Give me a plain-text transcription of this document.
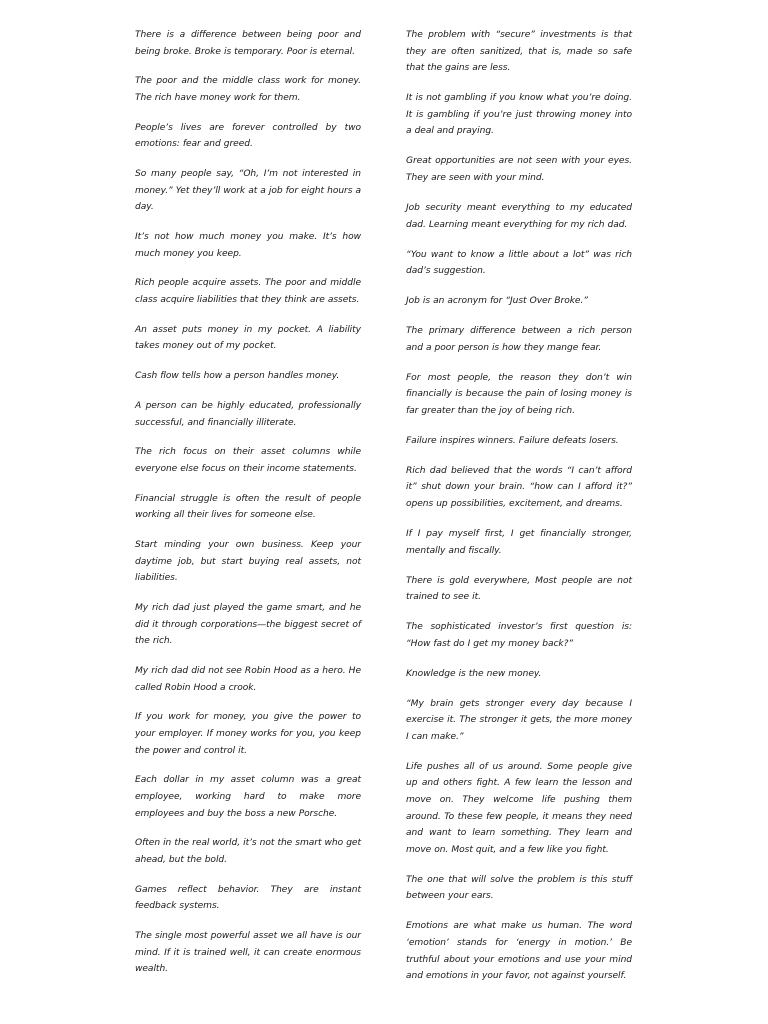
There is a difference between being poor and being broke. Broke is temporary. Poor is eternal.

The poor and the middle class work for money. The rich have money work for them.

People’s lives are forever controlled by two emotions: fear and greed.

So many people say, “Oh, I’m not interested in money.” Yet they’ll work at a job for eight hours a day.

It’s not how much money you make. It’s how much money you keep.

Rich people acquire assets. The poor and middle class acquire liabilities that they think are assets.

An asset puts money in my pocket. A liability takes money out of my pocket.

Cash flow tells how a person handles money.

A person can be highly educated, professionally successful, and financially illiterate.

The rich focus on their asset columns while everyone else focus on their income statements.

Financial struggle is often the result of people working all their lives for someone else.

Start minding your own business. Keep your daytime job, but start buying real assets, not liabilities.

My rich dad just played the game smart, and he did it through corporations—the biggest secret of the rich.

My rich dad did not see Robin Hood as a hero. He called Robin Hood a crook.

If you work for money, you give the power to your employer. If money works for you, you keep the power and control it.

Each dollar in my asset column was a great employee, working hard to make more employees and buy the boss a new Porsche.

Often in the real world, it’s not the smart who get ahead, but the bold.

Games reflect behavior. They are instant feedback systems.

The single most powerful asset we all have is our mind. If it is trained well, it can create enormous wealth.

The problem with “secure” investments is that they are often sanitized, that is, made so safe that the gains are less.

It is not gambling if you know what you’re doing. It is gambling if you’re just throwing money into a deal and praying.

Great opportunities are not seen with your eyes. They are seen with your mind.

Job security meant everything to my educated dad. Learning meant everything for my rich dad.

“You want to know a little about a lot” was rich dad’s suggestion.

Job is an acronym for “Just Over Broke.”

The primary difference between a rich person and a poor person is how they mange fear.

For most people, the reason they don’t win financially is because the pain of losing money is far greater than the joy of being rich.

Failure inspires winners. Failure defeats losers.

Rich dad believed that the words “I can’t afford it” shut down your brain. “how can I afford it?” opens up possibilities, excitement, and dreams.

If I pay myself first, I get financially stronger, mentally and fiscally.

There is gold everywhere, Most people are not trained to see it.

The sophisticated investor’s first question is: “How fast do I get my money back?”

Knowledge is the new money.

“My brain gets stronger every day because I exercise it. The stronger it gets, the more money I can make.”

Life pushes all of us around. Some people give up and others fight. A few learn the lesson and move on. They welcome life pushing them around. To these few people, it means they need and want to learn something. They learn and move on. Most quit, and a few like you fight.

The one that will solve the problem is this stuff between your ears.

Emotions are what make us human. The word ‘emotion’ stands for ‘energy in motion.’ Be truthful about your emotions and use your mind and emotions in your favor, not against yourself.
